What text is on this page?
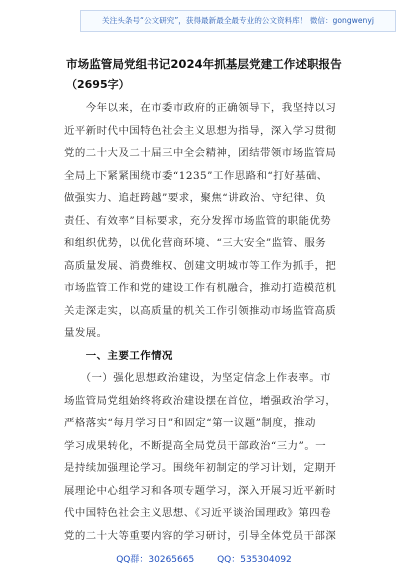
关注头条号“公文研究”，获得最新最全最专业的公文资料库！ 微信：gongwenyj
市场监管局党组书记2024年抓基层党建工作述职报告
（2695字）
　　今年以来，在市委市政府的正确领导下，我坚持以习
近平新时代中国特色社会主义思想为指导，深入学习贯彻
党的二十大及二十届三中全会精神，团结带领市场监管局
全局上下紧紧围绕市委“1235”工作思路和“打好基础、
做强实力、追赶跨越”要求，聚焦“讲政治、守纪律、负
责任、有效率”目标要求，充分发挥市场监管的职能优势
和组织优势，以优化营商环境、“三大安全”监管、服务
高质量发展、消费维权、创建文明城市等工作为抓手，把
市场监管工作和党的建设工作有机融合，推动打造模范机
关走深走实，以高质量的机关工作引领推动市场监管高质
量发展。
　　一、主要工作情况
　　（一）强化思想政治建设，为坚定信念上作表率。市
场监管局党组始终将政治建设摆在首位，增强政治学习，
严格落实“每月学习日”和固定“第一议题”制度，推动
学习成果转化，不断提高全局党员干部政治“三力”。一
是持续加强理论学习。围绕年初制定的学习计划，定期开
展理论中心组学习和各项专题学习，深入开展习近平新时
代中国特色社会主义思想、《习近平谈治国理政》第四卷
党的二十大等重要内容的学习研讨，引导全体党员干部深
QQ群：30265665	QQ：535304092
